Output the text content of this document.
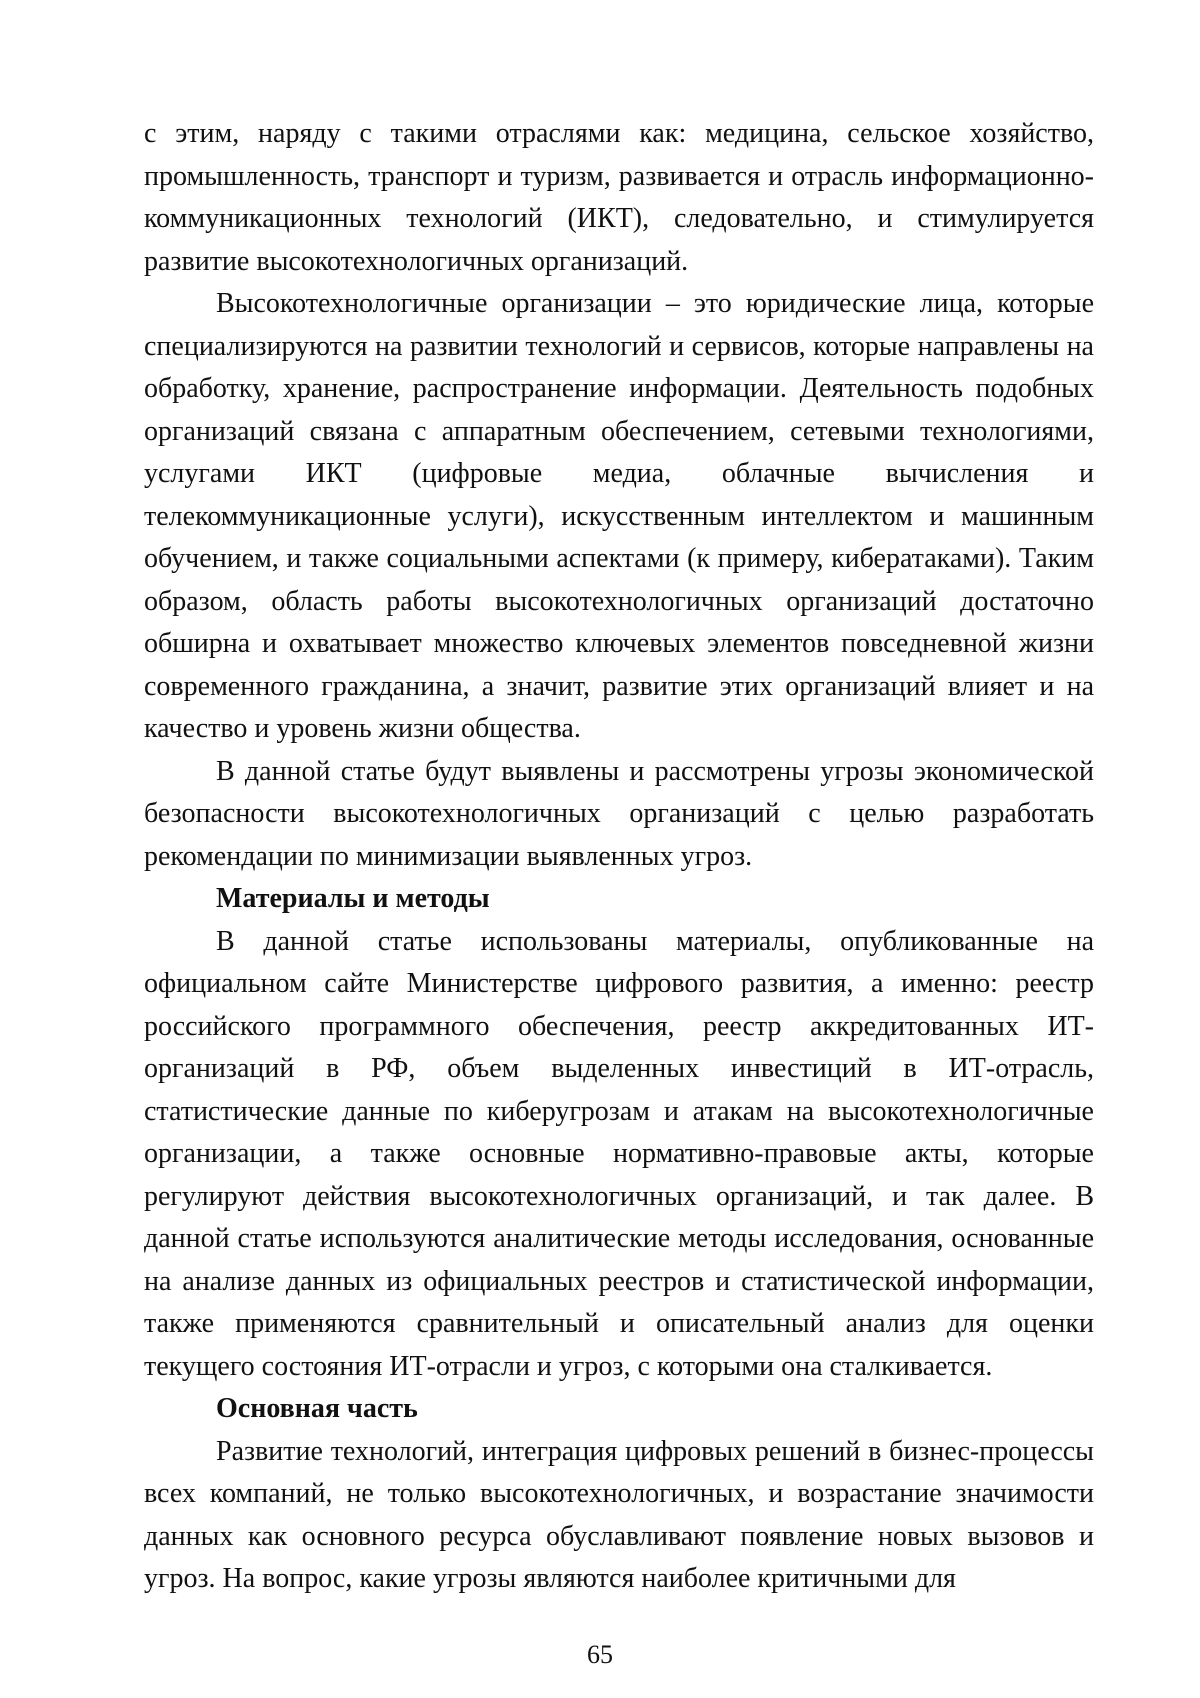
с этим, наряду с такими отраслями как: медицина, сельское хозяйство, промышленность, транспорт и туризм, развивается и отрасль информационно-коммуникационных технологий (ИКТ), следовательно, и стимулируется развитие высокотехнологичных организаций.

Высокотехнологичные организации – это юридические лица, которые специализируются на развитии технологий и сервисов, которые направлены на обработку, хранение, распространение информации. Деятельность подобных организаций связана с аппаратным обеспечением, сетевыми технологиями, услугами ИКТ (цифровые медиа, облачные вычисления и телекоммуникационные услуги), искусственным интеллектом и машинным обучением, и также социальными аспектами (к примеру, кибератаками). Таким образом, область работы высокотехнологичных организаций достаточно обширна и охватывает множество ключевых элементов повседневной жизни современного гражданина, а значит, развитие этих организаций влияет и на качество и уровень жизни общества.

В данной статье будут выявлены и рассмотрены угрозы экономической безопасности высокотехнологичных организаций с целью разработать рекомендации по минимизации выявленных угроз.

Материалы и методы

В данной статье использованы материалы, опубликованные на официальном сайте Министерстве цифрового развития, а именно: реестр российского программного обеспечения, реестр аккредитованных ИТ-организаций в РФ, объем выделенных инвестиций в ИТ-отрасль, статистические данные по киберугрозам и атакам на высокотехнологичные организации, а также основные нормативно-правовые акты, которые регулируют действия высокотехнологичных организаций, и так далее. В данной статье используются аналитические методы исследования, основанные на анализе данных из официальных реестров и статистической информации, также применяются сравнительный и описательный анализ для оценки текущего состояния ИТ-отрасли и угроз, с которыми она сталкивается.

Основная часть

Развитие технологий, интеграция цифровых решений в бизнес-процессы всех компаний, не только высокотехнологичных, и возрастание значимости данных как основного ресурса обуславливают появление новых вызовов и угроз. На вопрос, какие угрозы являются наиболее критичными для

65
